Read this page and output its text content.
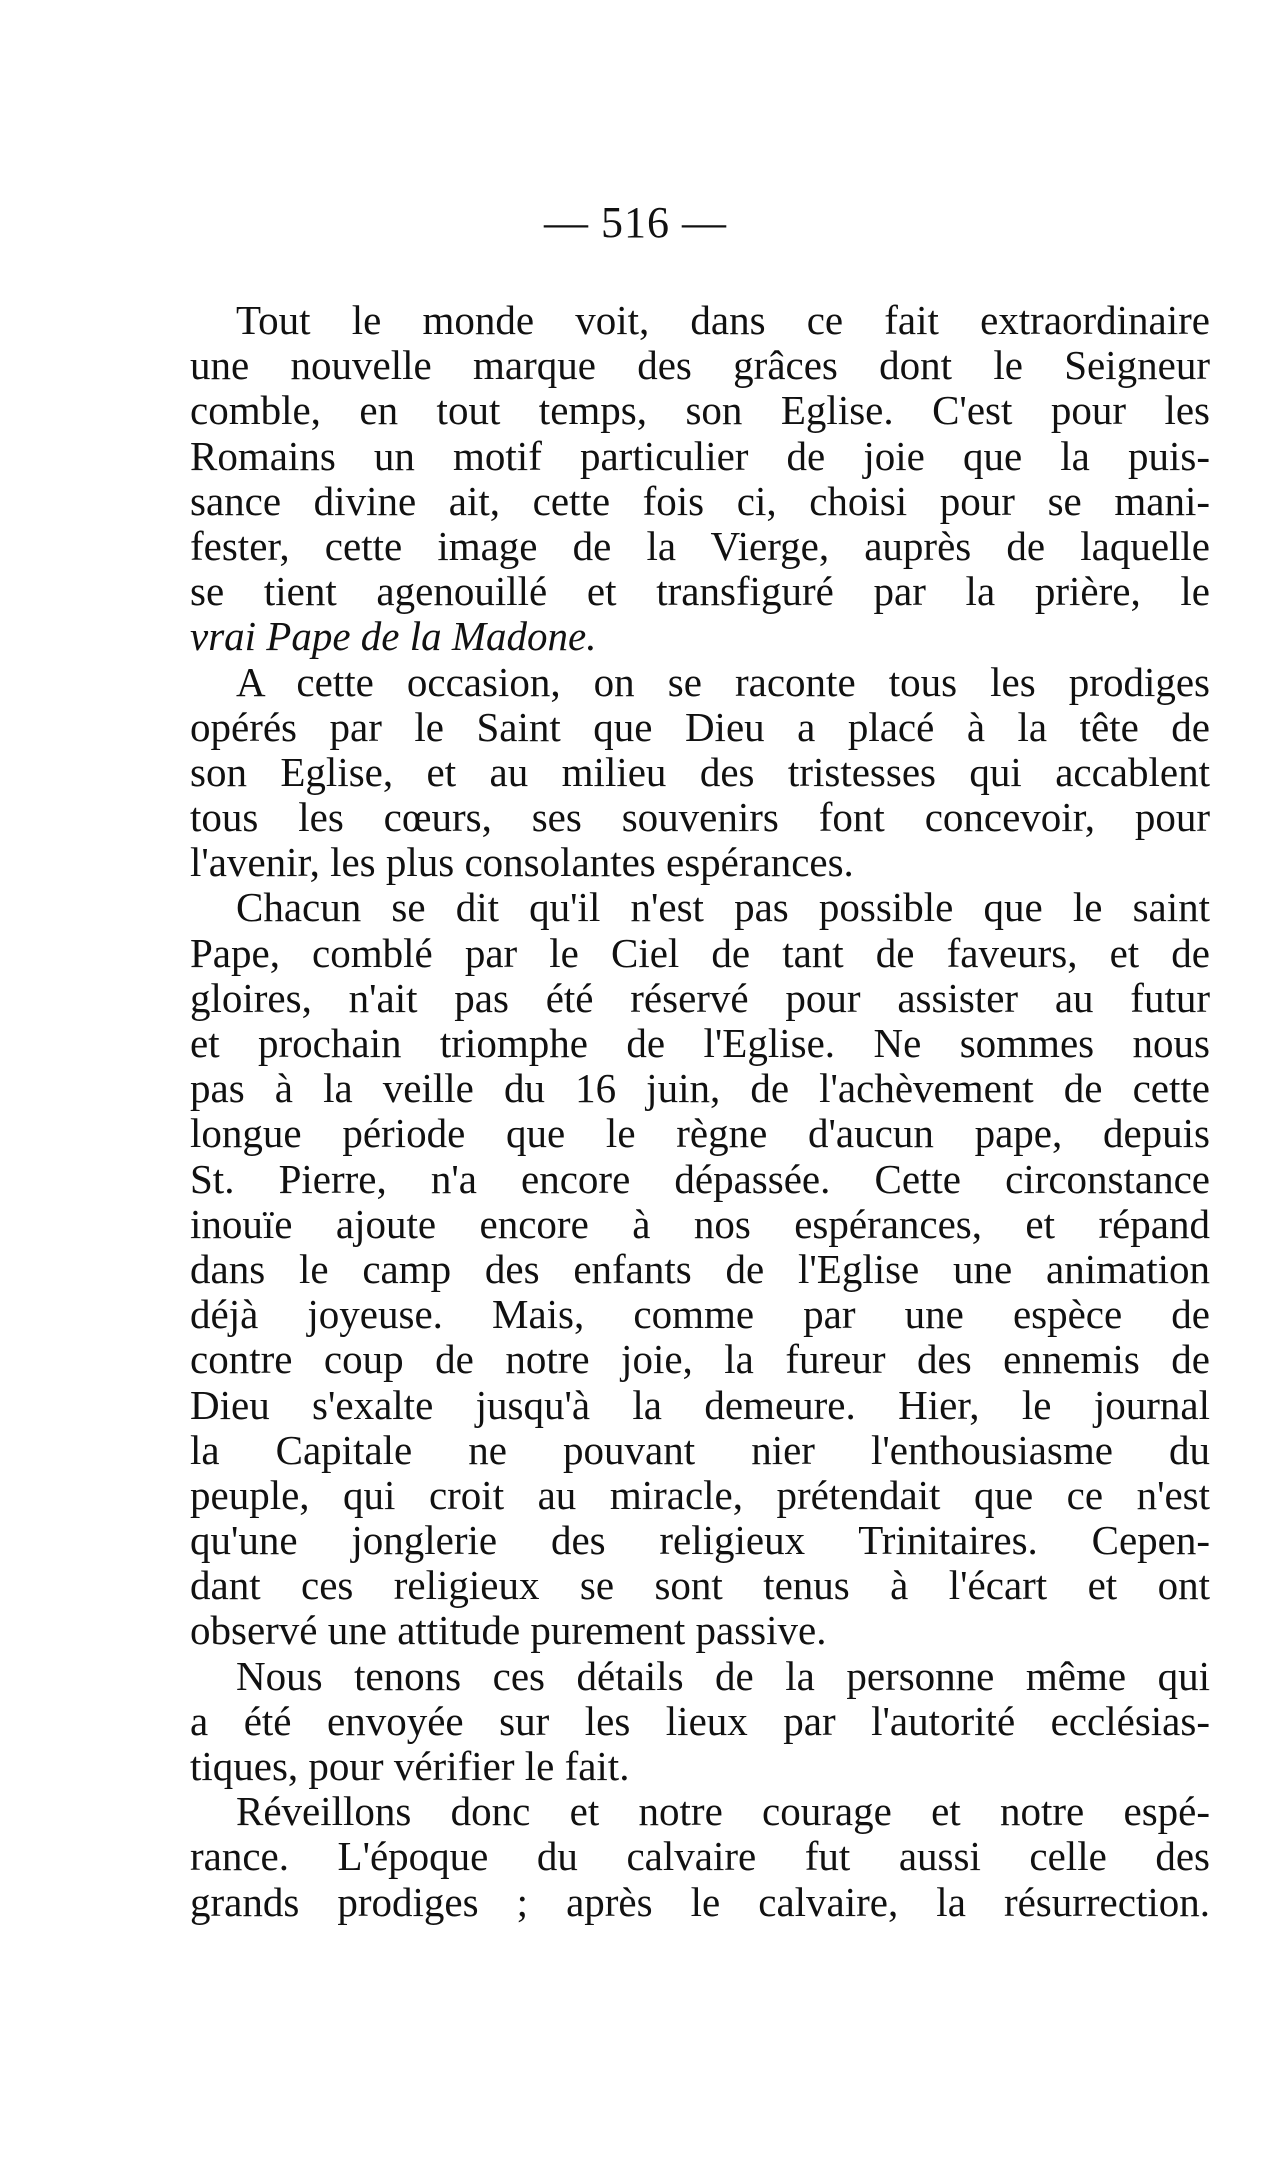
— 516 —
Tout le monde voit, dans ce fait extraordinaire
une nouvelle marque des grâces dont le Seigneur
comble, en tout temps, son Eglise. C'est pour les
Romains un motif particulier de joie que la puis-
sance divine ait, cette fois ci, choisi pour se mani-
fester, cette image de la Vierge, auprès de laquelle
se tient agenouillé et transfiguré par la prière, le
vrai Pape de la Madone.
A cette occasion, on se raconte tous les prodiges
opérés par le Saint que Dieu a placé à la tête de
son Eglise, et au milieu des tristesses qui accablent
tous les cœurs, ses souvenirs font concevoir, pour
l'avenir, les plus consolantes espérances.
Chacun se dit qu'il n'est pas possible que le saint
Pape, comblé par le Ciel de tant de faveurs, et de
gloires, n'ait pas été réservé pour assister au futur
et prochain triomphe de l'Eglise. Ne sommes nous
pas à la veille du 16 juin, de l'achèvement de cette
longue période que le règne d'aucun pape, depuis
St. Pierre, n'a encore dépassée. Cette circonstance
inouïe ajoute encore à nos espérances, et répand
dans le camp des enfants de l'Eglise une animation
déjà joyeuse. Mais, comme par une espèce de
contre coup de notre joie, la fureur des ennemis de
Dieu s'exalte jusqu'à la demeure. Hier, le journal
la Capitale ne pouvant nier l'enthousiasme du
peuple, qui croit au miracle, prétendait que ce n'est
qu'une jonglerie des religieux Trinitaires. Cepen-
dant ces religieux se sont tenus à l'écart et ont
observé une attitude purement passive.
Nous tenons ces détails de la personne même qui
a été envoyée sur les lieux par l'autorité ecclésias-
tiques, pour vérifier le fait.
Réveillons donc et notre courage et notre espé-
rance. L'époque du calvaire fut aussi celle des
grands prodiges ; après le calvaire, la résurrection.
